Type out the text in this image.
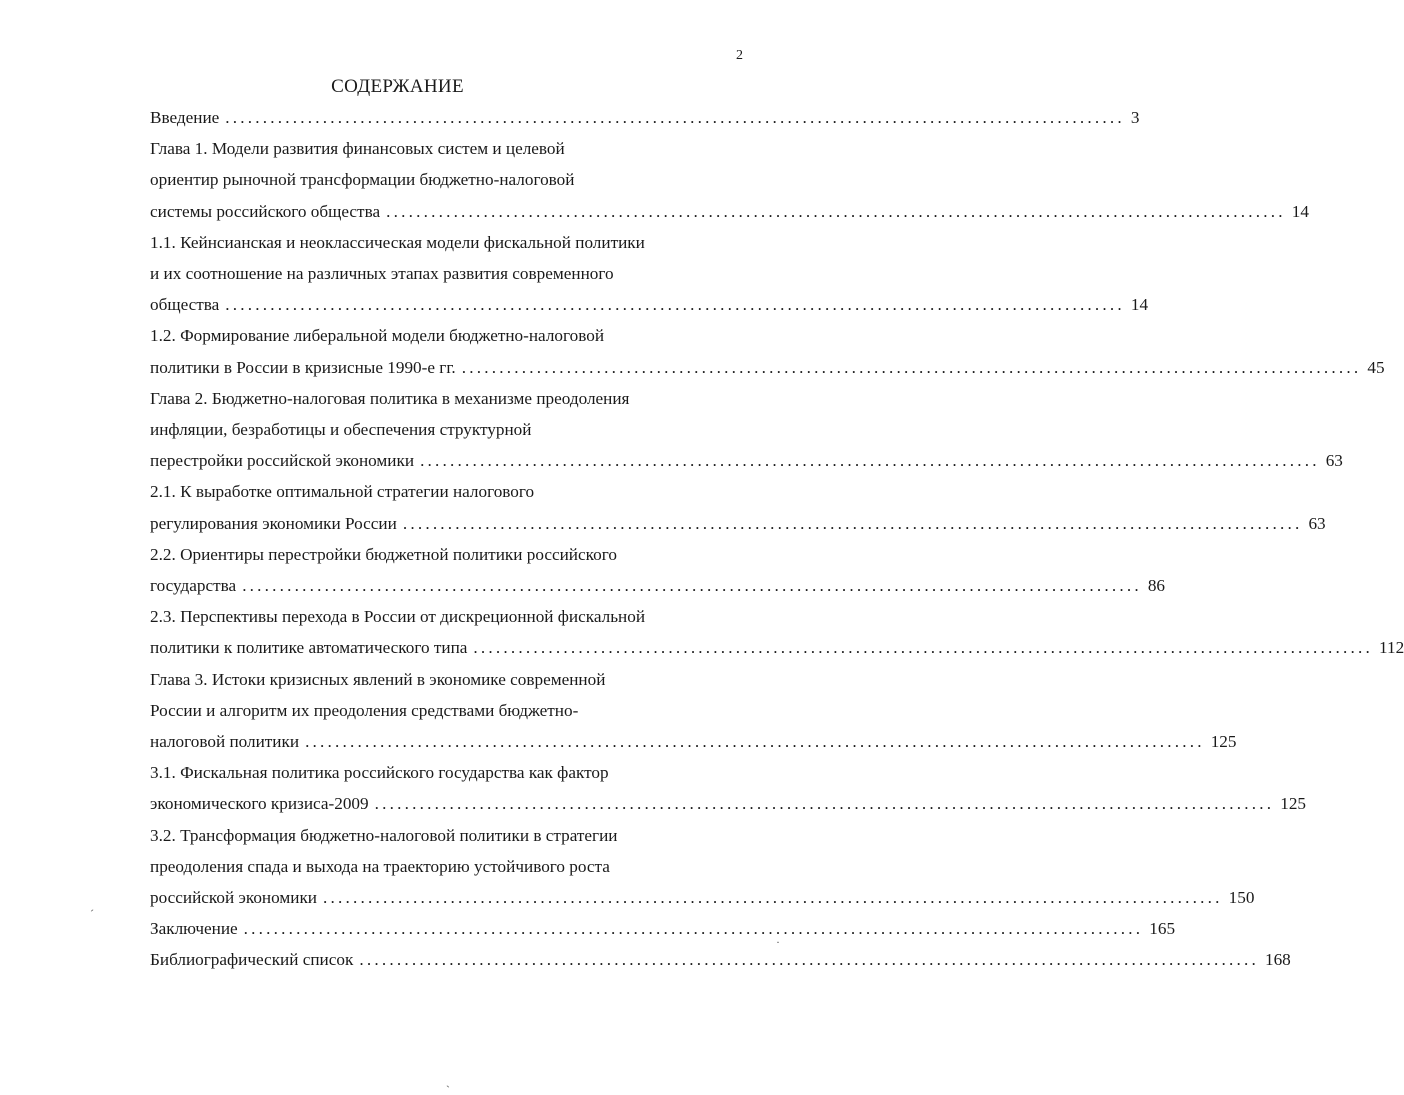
2
СОДЕРЖАНИЕ
Введение ........................................................................................................................ 3
Глава 1. Модели развития финансовых систем и целевой
ориентир рыночной трансформации бюджетно-налоговой
системы российского общества ........................................................................................................................ 14
1.1. Кейнсианская и неоклассическая модели фискальной политики
и их соотношение на различных этапах развития современного
общества ........................................................................................................................ 14
1.2. Формирование либеральной модели бюджетно-налоговой
политики в России в кризисные 1990-е гг. ........................................................................................................................ 45
Глава 2. Бюджетно-налоговая политика в механизме преодоления
инфляции, безработицы и обеспечения структурной
перестройки российской экономики ........................................................................................................................ 63
2.1. К выработке оптимальной стратегии налогового
регулирования экономики России ........................................................................................................................ 63
2.2. Ориентиры перестройки бюджетной политики российского
государства ........................................................................................................................ 86
2.3. Перспективы перехода в России от дискреционной фискальной
политики к политике автоматического типа ........................................................................................................................ 112
Глава 3. Истоки кризисных явлений в экономике современной
России и алгоритм их преодоления средствами бюджетно-
налоговой политики ........................................................................................................................ 125
3.1. Фискальная политика российского государства как фактор
экономического кризиса-2009 ........................................................................................................................ 125
3.2. Трансформация бюджетно-налоговой политики в стратегии
преодоления спада и выхода на траекторию устойчивого роста
российской экономики ........................................................................................................................ 150
Заключение ........................................................................................................................ 165
Библиографический список ........................................................................................................................ 168
ˊ
·
ˏ
